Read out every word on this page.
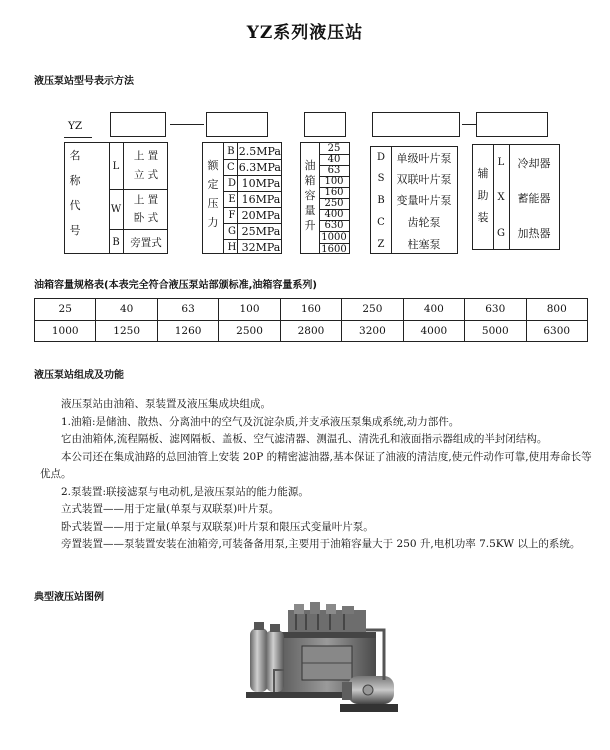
YZ系列液压站
液压泵站型号表示方法
YZ
名
称
代
号
L
上 置
立 式
W
上 置
卧 式
B	旁置式
额
定
压
力
B 2.5MPa
C 6.3MPa
D 10MPa
E 16MPa
F 20MPa
G 25MPa
H 32MPa
油
箱
容
量
升
25
40
63
100
160
250
400
630
1000
1600
D	单级叶片泵
S	双联叶片泵
B	变量叶片泵
C	齿轮泵
Z	柱塞泵
辅
助
装
L	冷却器
X	蓄能器
G	加热器
油箱容量规格表(本表完全符合液压泵站部颁标准,油箱容量系列)
25	40	63	100	160	250	400	630	800
1000	1250	1260	2500	2800	3200	4000	5000	6300
液压泵站组成及功能

液压泵站由油箱、泵装置及液压集成块组成。

1.油箱:是储油、散热、分离油中的空气及沉淀杂质,并支承液压泵集成系统,动力部件。

它由油箱体,流程隔板、滤网隔板、盖板、空气滤清器、测温孔、清洗孔和液面指示器组成的半封闭结构。

本公司还在集成油路的总回油管上安装 20P 的精密滤油器,基本保证了油液的清洁度,使元件动作可靠,使用寿命长等优点。

2.泵装置:联接滤泵与电动机,是液压泵站的能力能源。

立式装置——用于定量(单泵与双联泵)叶片泵。

卧式装置——用于定量(单泵与双联泵)叶片泵和限压式变量叶片泵。

旁置装置——泵装置安装在油箱旁,可装备备用泵,主要用于油箱容量大于 250 升,电机功率 7.5KW 以上的系统。

典型液压站图例
